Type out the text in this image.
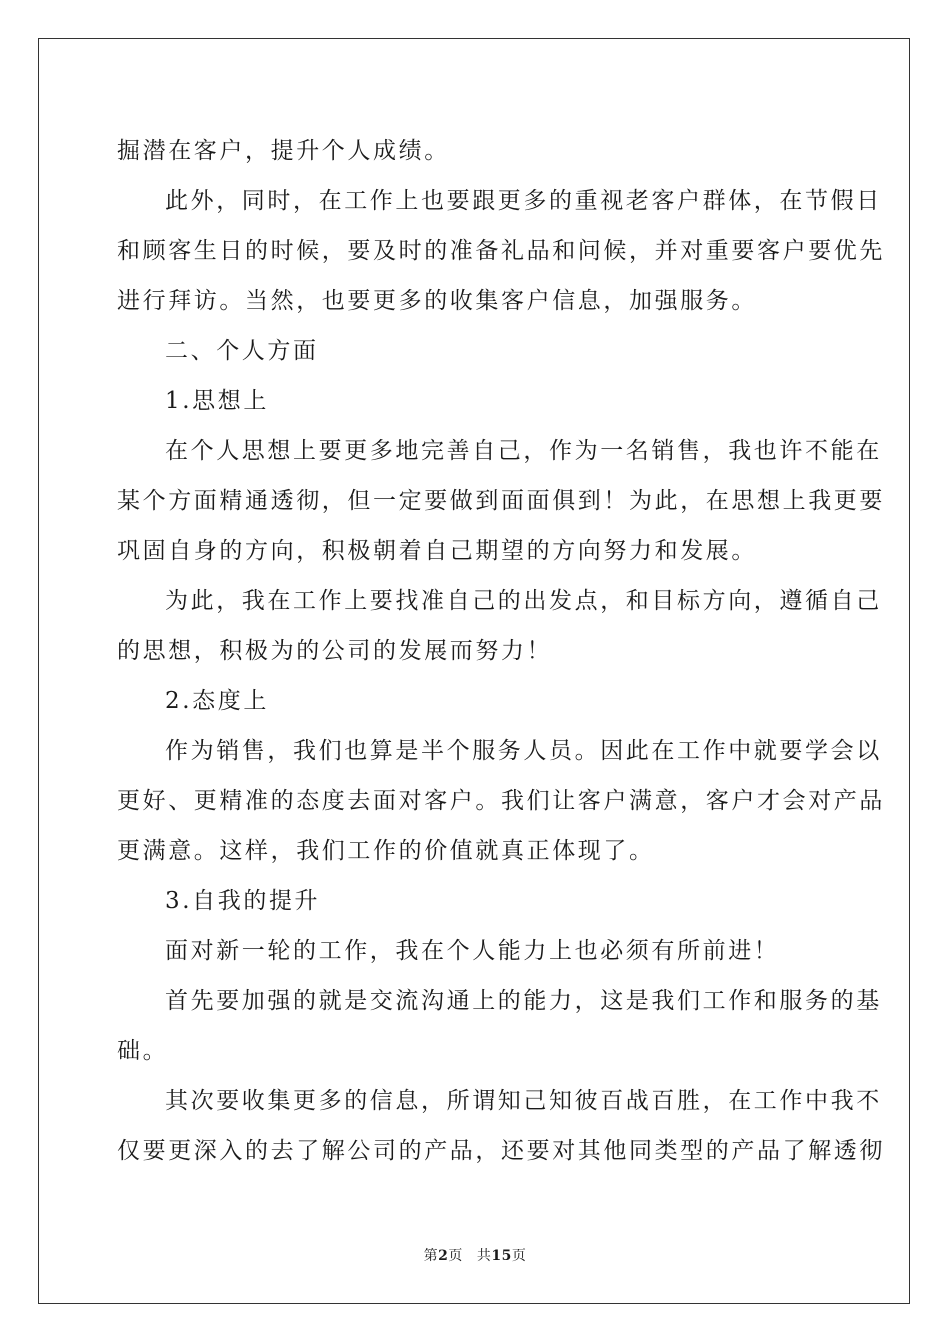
掘潜在客户，提升个人成绩。
此外，同时，在工作上也要跟更多的重视老客户群体，在节假日
和顾客生日的时候，要及时的准备礼品和问候，并对重要客户要优先
进行拜访。当然，也要更多的收集客户信息，加强服务。
二、个人方面
1.思想上
在个人思想上要更多地完善自己，作为一名销售，我也许不能在
某个方面精通透彻，但一定要做到面面俱到！为此，在思想上我更要
巩固自身的方向，积极朝着自己期望的方向努力和发展。
为此，我在工作上要找准自己的出发点，和目标方向，遵循自己
的思想，积极为的公司的发展而努力！
2.态度上
作为销售，我们也算是半个服务人员。因此在工作中就要学会以
更好、更精准的态度去面对客户。我们让客户满意，客户才会对产品
更满意。这样，我们工作的价值就真正体现了。
3.自我的提升
面对新一轮的工作，我在个人能力上也必须有所前进！
首先要加强的就是交流沟通上的能力，这是我们工作和服务的基
础。
其次要收集更多的信息，所谓知己知彼百战百胜，在工作中我不
仅要更深入的去了解公司的产品，还要对其他同类型的产品了解透彻
第2页 共15页
